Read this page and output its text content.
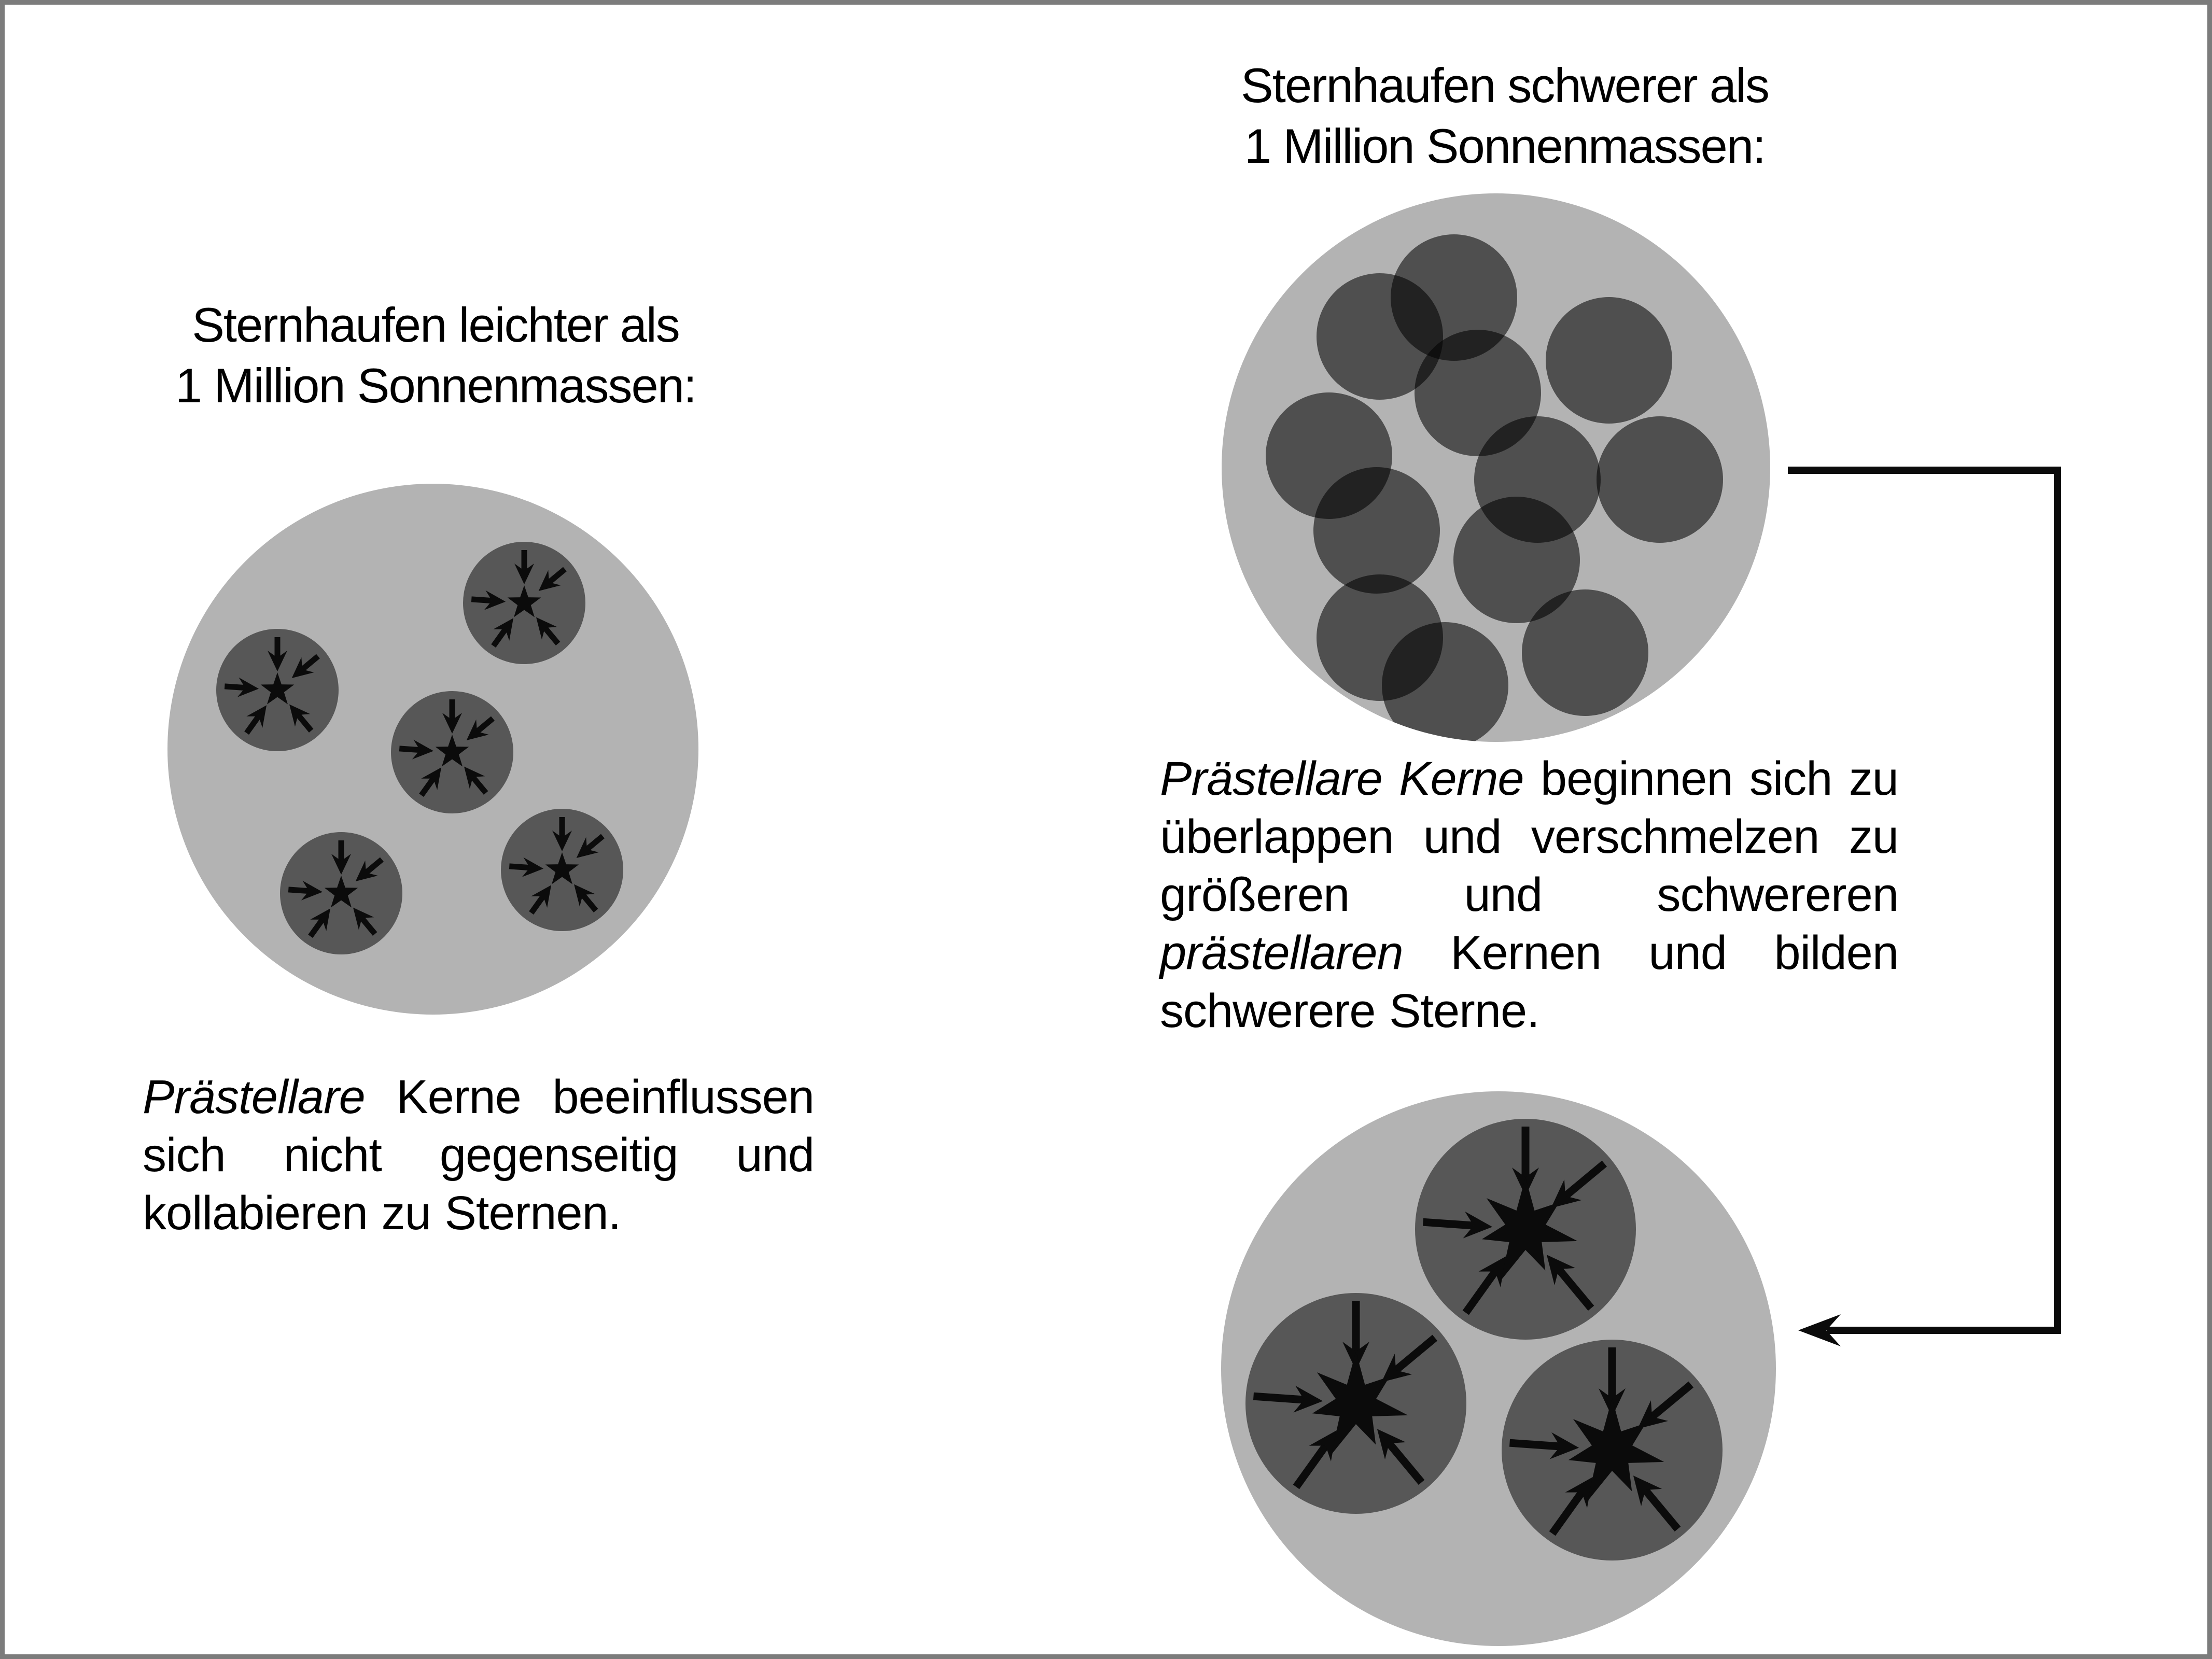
Sternhaufen leichter als
1 Million Sonnenmassen:
Sternhaufen schwerer als
1 Million Sonnenmassen:
Prästellare Kerne beeinflussen
sich nicht gegenseitig und
kollabieren zu Sternen.
Prästellare Kerne beginnen sich zu
überlappen und verschmelzen zu
größeren und schwereren
prästellaren Kernen und bilden
schwerere Sterne.
